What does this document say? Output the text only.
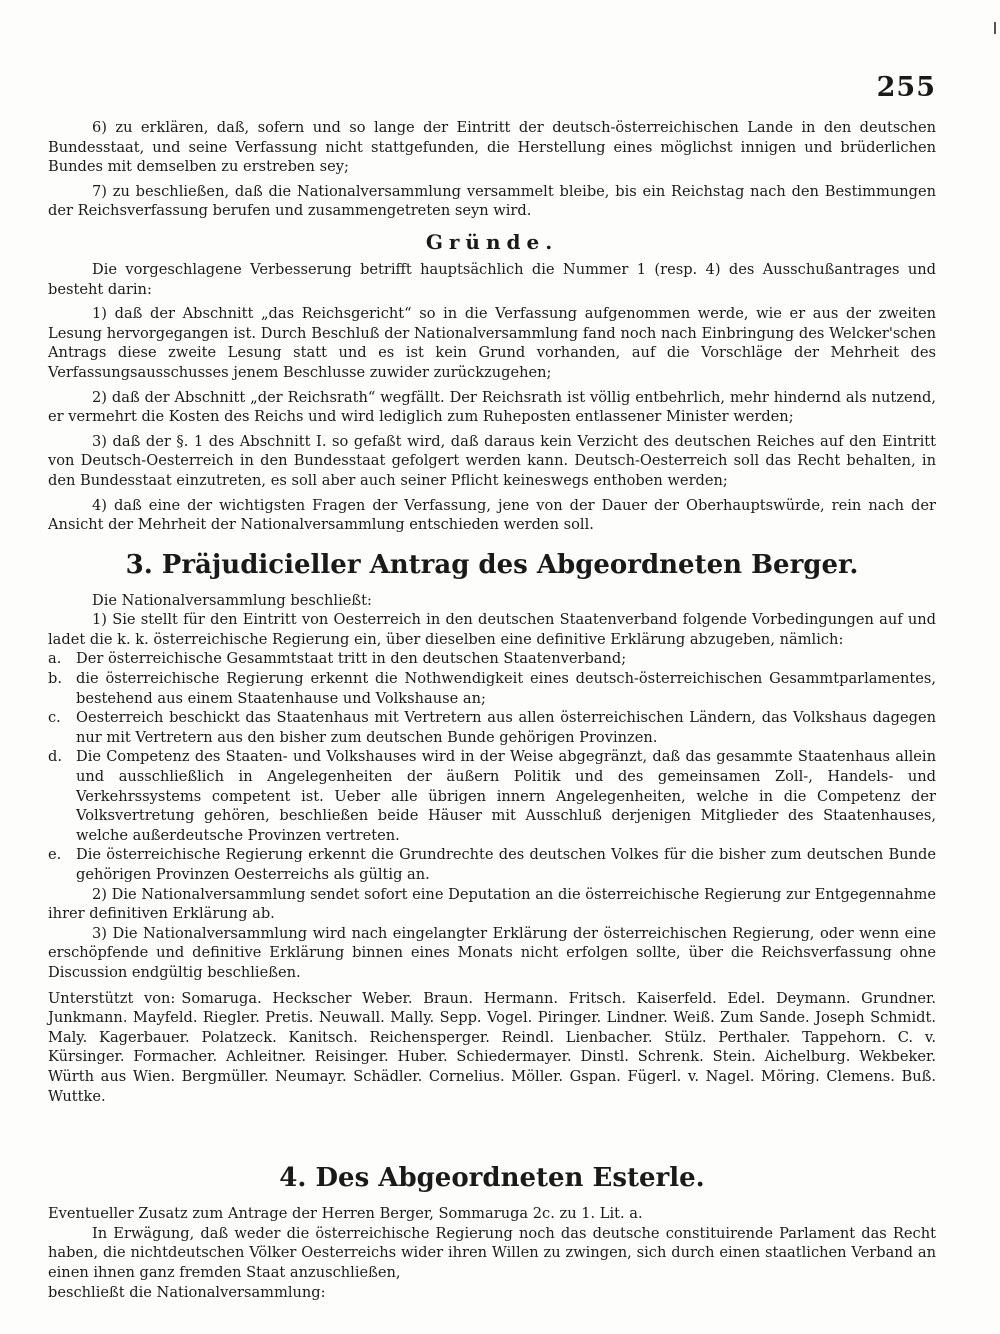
255

6) zu erklären, daß, sofern und so lange der Eintritt der deutsch-österreichischen Lande in den deutschen Bundesstaat, und seine Verfassung nicht stattgefunden, die Herstellung eines möglichst innigen und brüderlichen Bundes mit demselben zu erstreben sey;

7) zu beschließen, daß die Nationalversammlung versammelt bleibe, bis ein Reichstag nach den Bestimmungen der Reichsverfassung berufen und zusammengetreten seyn wird.

Gründe.

Die vorgeschlagene Verbesserung betrifft hauptsächlich die Nummer 1 (resp. 4) des Ausschußantrages und besteht darin:

1) daß der Abschnitt „das Reichsgericht“ so in die Verfassung aufgenommen werde, wie er aus der zweiten Lesung hervorgegangen ist. Durch Beschluß der Nationalversammlung fand noch nach Einbringung des Welcker'schen Antrags diese zweite Lesung statt und es ist kein Grund vorhanden, auf die Vorschläge der Mehrheit des Verfassungsausschusses jenem Beschlusse zuwider zurückzugehen;

2) daß der Abschnitt „der Reichsrath“ wegfällt. Der Reichsrath ist völlig entbehrlich, mehr hindernd als nutzend, er vermehrt die Kosten des Reichs und wird lediglich zum Ruheposten entlassener Minister werden;

3) daß der §. 1 des Abschnitt I. so gefaßt wird, daß daraus kein Verzicht des deutschen Reiches auf den Eintritt von Deutsch-Oesterreich in den Bundesstaat gefolgert werden kann. Deutsch-Oesterreich soll das Recht behalten, in den Bundesstaat einzutreten, es soll aber auch seiner Pflicht keineswegs enthoben werden;

4) daß eine der wichtigsten Fragen der Verfassung, jene von der Dauer der Oberhauptswürde, rein nach der Ansicht der Mehrheit der Nationalversammlung entschieden werden soll.

3. Präjudicieller Antrag des Abgeordneten Berger.

Die Nationalversammlung beschließt:

1) Sie stellt für den Eintritt von Oesterreich in den deutschen Staatenverband folgende Vorbedingungen auf und ladet die k. k. österreichische Regierung ein, über dieselben eine definitive Erklärung abzugeben, nämlich:

a.	Der österreichische Gesammtstaat tritt in den deutschen Staatenverband;
b. die österreichische Regierung erkennt die Nothwendigkeit eines deutsch-österreichischen Gesammtparlamentes, bestehend aus einem Staatenhause und Volkshause an;
c.	Oesterreich beschickt das Staatenhaus mit Vertretern aus allen österreichischen Ländern, das Volkshaus dagegen nur mit Vertretern aus den bisher zum deutschen Bunde gehörigen Provinzen.
d. Die Competenz des Staaten- und Volkshauses wird in der Weise abgegränzt, daß das gesammte Staatenhaus allein und ausschließlich in Angelegenheiten der äußern Politik und des gemeinsamen Zoll-, Handels- und Verkehrssystems competent ist. Ueber alle übrigen innern Angelegenheiten, welche in die Competenz der Volksvertretung gehören, beschließen beide Häuser mit Ausschluß derjenigen Mitglieder des Staatenhauses, welche außerdeutsche Provinzen vertreten.
e.	Die österreichische Regierung erkennt die Grundrechte des deutschen Volkes für die bisher zum deutschen Bunde gehörigen Provinzen Oesterreichs als gültig an.

2) Die Nationalversammlung sendet sofort eine Deputation an die österreichische Regierung zur Entgegennahme ihrer definitiven Erklärung ab.

3) Die Nationalversammlung wird nach eingelangter Erklärung der österreichischen Regierung, oder wenn eine erschöpfende und definitive Erklärung binnen eines Monats nicht erfolgen sollte, über die Reichsverfassung ohne Discussion endgültig beschließen.

Unterstützt von: Somaruga. Heckscher Weber. Braun. Hermann. Fritsch. Kaiserfeld. Edel. Deymann. Grundner. Junkmann. Mayfeld. Riegler. Pretis. Neuwall. Mally. Sepp. Vogel. Piringer. Lindner. Weiß. Zum Sande. Joseph Schmidt. Maly. Kagerbauer. Polatzeck. Kanitsch. Reichensperger. Reindl. Lienbacher. Stülz. Perthaler. Tappehorn. C. v. Kürsinger. Formacher. Achleitner. Reisinger. Huber. Schiedermayer. Dinstl. Schrenk. Stein. Aichelburg. Wekbeker. Würth aus Wien. Bergmüller. Neumayr. Schädler. Cornelius. Möller. Gspan. Fügerl. v. Nagel. Möring. Clemens. Buß. Wuttke.

4. Des Abgeordneten Esterle.

Eventueller Zusatz zum Antrage der Herren Berger, Sommaruga 2c. zu 1. Lit. a.

In Erwägung, daß weder die österreichische Regierung noch das deutsche constituirende Parlament das Recht haben, die nichtdeutschen Völker Oesterreichs wider ihren Willen zu zwingen, sich durch einen staatlichen Verband an einen ihnen ganz fremden Staat anzuschließen,

beschließt die Nationalversammlung:
